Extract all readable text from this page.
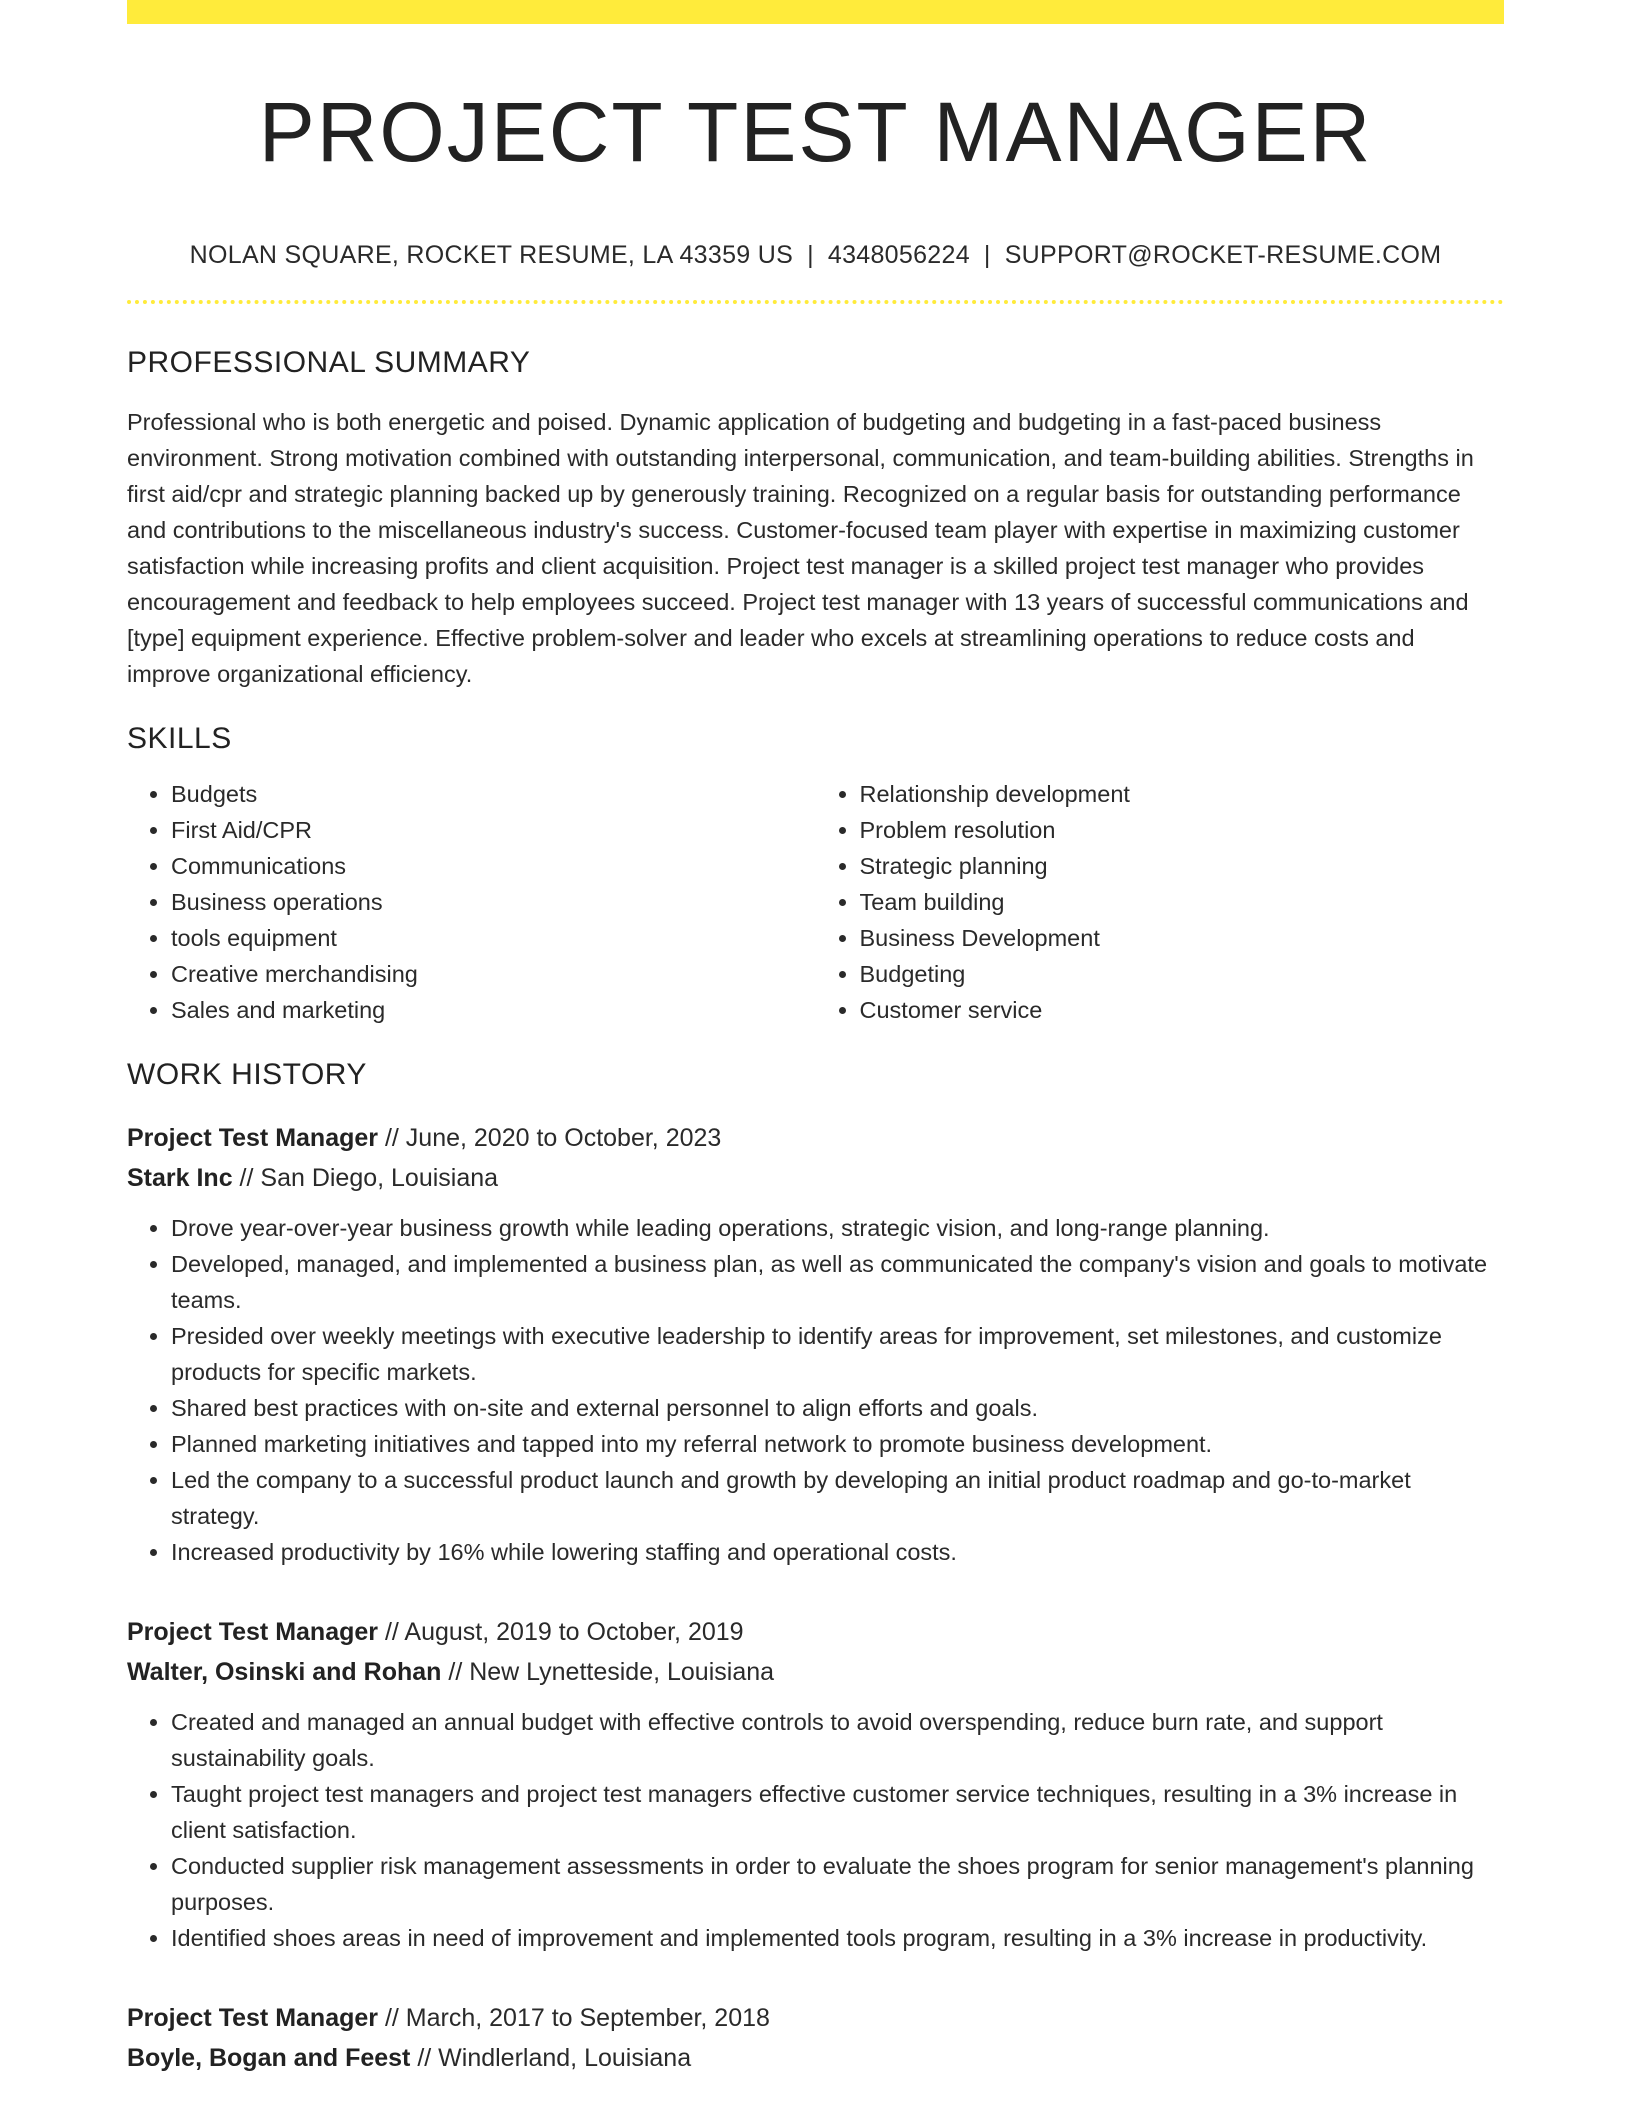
PROJECT TEST MANAGER
NOLAN SQUARE, ROCKET RESUME, LA 43359 US | 4348056224 | SUPPORT@ROCKET-RESUME.COM
PROFESSIONAL SUMMARY

Professional who is both energetic and poised. Dynamic application of budgeting and budgeting in a fast-paced business environment. Strong motivation combined with outstanding interpersonal, communication, and team-building abilities. Strengths in first aid/cpr and strategic planning backed up by generously training. Recognized on a regular basis for outstanding performance and contributions to the miscellaneous industry's success. Customer-focused team player with expertise in maximizing customer satisfaction while increasing profits and client acquisition. Project test manager is a skilled project test manager who provides encouragement and feedback to help employees succeed. Project test manager with 13 years of successful communications and [type] equipment experience. Effective problem-solver and leader who excels at streamlining operations to reduce costs and improve organizational efficiency.

SKILLS
• Budgets
• First Aid/CPR
• Communications
• Business operations
• tools equipment
• Creative merchandising
• Sales and marketing
• Relationship development
• Problem resolution
• Strategic planning
• Team building
• Business Development
• Budgeting
• Customer service
WORK HISTORY
Project Test Manager // June, 2020 to October, 2023
Stark Inc // San Diego, Louisiana
• Drove year-over-year business growth while leading operations, strategic vision, and long-range planning.
• Developed, managed, and implemented a business plan, as well as communicated the company's vision and goals to motivate teams.
• Presided over weekly meetings with executive leadership to identify areas for improvement, set milestones, and customize products for specific markets.
• Shared best practices with on-site and external personnel to align efforts and goals.
• Planned marketing initiatives and tapped into my referral network to promote business development.
• Led the company to a successful product launch and growth by developing an initial product roadmap and go-to-market strategy.
• Increased productivity by 16% while lowering staffing and operational costs.
Project Test Manager // August, 2019 to October, 2019
Walter, Osinski and Rohan // New Lynetteside, Louisiana
• Created and managed an annual budget with effective controls to avoid overspending, reduce burn rate, and support sustainability goals.
• Taught project test managers and project test managers effective customer service techniques, resulting in a 3% increase in client satisfaction.
• Conducted supplier risk management assessments in order to evaluate the shoes program for senior management's planning purposes.
• Identified shoes areas in need of improvement and implemented tools program, resulting in a 3% increase in productivity.
Project Test Manager // March, 2017 to September, 2018
Boyle, Bogan and Feest // Windlerland, Louisiana
